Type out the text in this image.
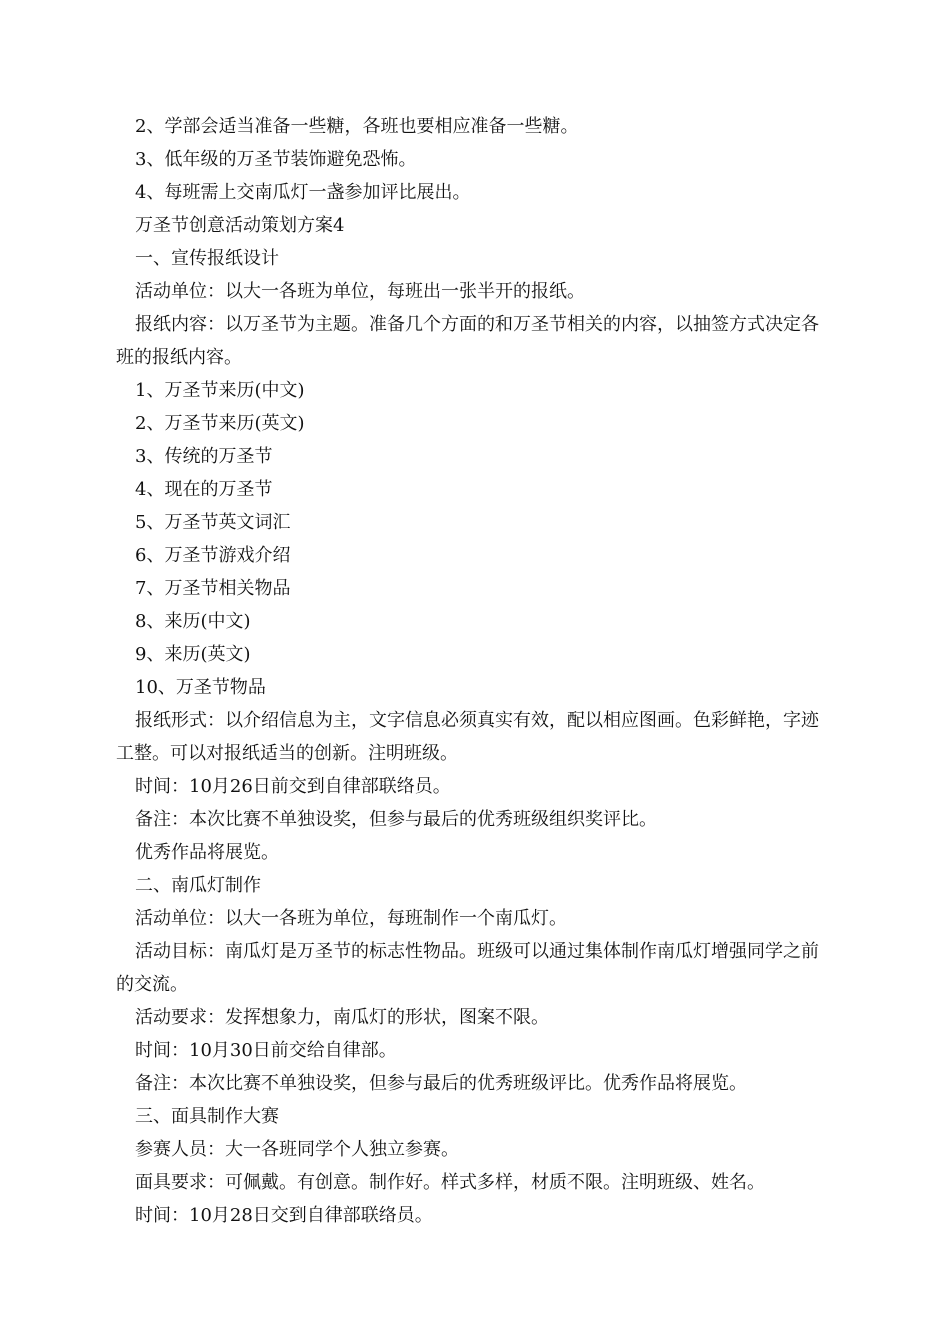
2、学部会适当准备一些糖，各班也要相应准备一些糖。

3、低年级的万圣节装饰避免恐怖。

4、每班需上交南瓜灯一盏参加评比展出。

万圣节创意活动策划方案4

一、宣传报纸设计

活动单位：以大一各班为单位，每班出一张半开的报纸。

报纸内容：以万圣节为主题。准备几个方面的和万圣节相关的内容，以抽签方式决定各班的报纸内容。

1、万圣节来历(中文)

2、万圣节来历(英文)

3、传统的万圣节

4、现在的万圣节

5、万圣节英文词汇

6、万圣节游戏介绍

7、万圣节相关物品

8、来历(中文)

9、来历(英文)

10、万圣节物品

报纸形式：以介绍信息为主，文字信息必须真实有效，配以相应图画。色彩鲜艳，字迹工整。可以对报纸适当的创新。注明班级。

时间：10月26日前交到自律部联络员。

备注：本次比赛不单独设奖，但参与最后的优秀班级组织奖评比。

优秀作品将展览。

二、南瓜灯制作

活动单位：以大一各班为单位，每班制作一个南瓜灯。

活动目标：南瓜灯是万圣节的标志性物品。班级可以通过集体制作南瓜灯增强同学之前的交流。

活动要求：发挥想象力，南瓜灯的形状，图案不限。

时间：10月30日前交给自律部。

备注：本次比赛不单独设奖，但参与最后的优秀班级评比。优秀作品将展览。

三、面具制作大赛

参赛人员：大一各班同学个人独立参赛。

面具要求：可佩戴。有创意。制作好。样式多样，材质不限。注明班级、姓名。

时间：10月28日交到自律部联络员。
